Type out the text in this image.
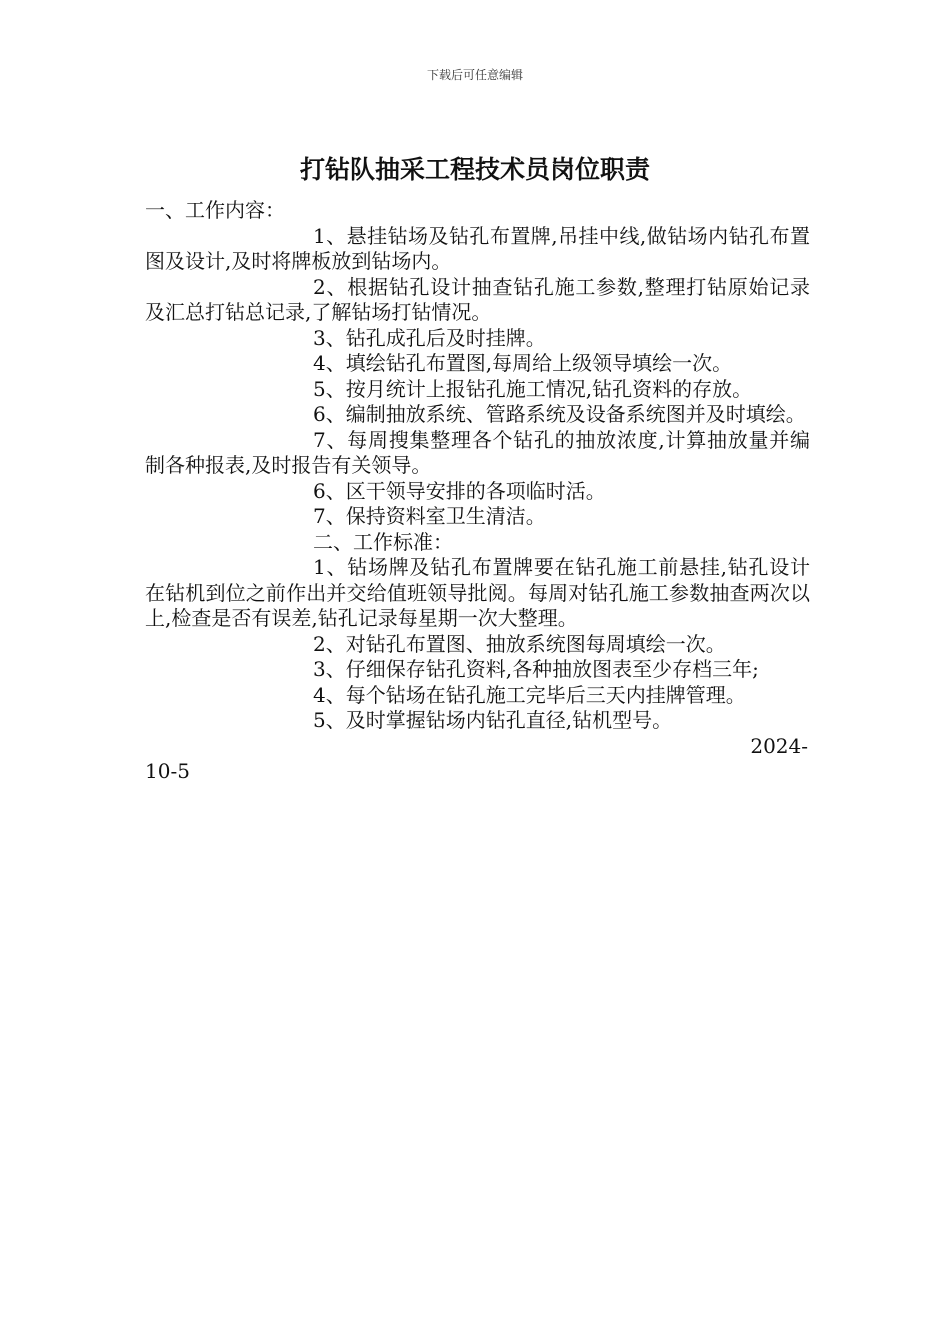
下载后可任意编辑
打钻队抽采工程技术员岗位职责
一、工作内容：
1、悬挂钻场及钻孔布置牌,吊挂中线,做钻场内钻孔布置图及设计,及时将牌板放到钻场内。
2、根据钻孔设计抽查钻孔施工参数,整理打钻原始记录及汇总打钻总记录,了解钻场打钻情况。
3、钻孔成孔后及时挂牌。
4、填绘钻孔布置图,每周给上级领导填绘一次。
5、按月统计上报钻孔施工情况,钻孔资料的存放。
6、编制抽放系统、管路系统及设备系统图并及时填绘。
7、每周搜集整理各个钻孔的抽放浓度,计算抽放量并编制各种报表,及时报告有关领导。
6、区干领导安排的各项临时活。
7、保持资料室卫生清洁。
二、工作标准：
1、钻场牌及钻孔布置牌要在钻孔施工前悬挂,钻孔设计在钻机到位之前作出并交给值班领导批阅。每周对钻孔施工参数抽查两次以上,检查是否有误差,钻孔记录每星期一次大整理。
2、对钻孔布置图、抽放系统图每周填绘一次。
3、仔细保存钻孔资料,各种抽放图表至少存档三年;
4、每个钻场在钻孔施工完毕后三天内挂牌管理。
5、及时掌握钻场内钻孔直径,钻机型号。
2024-
10-5
